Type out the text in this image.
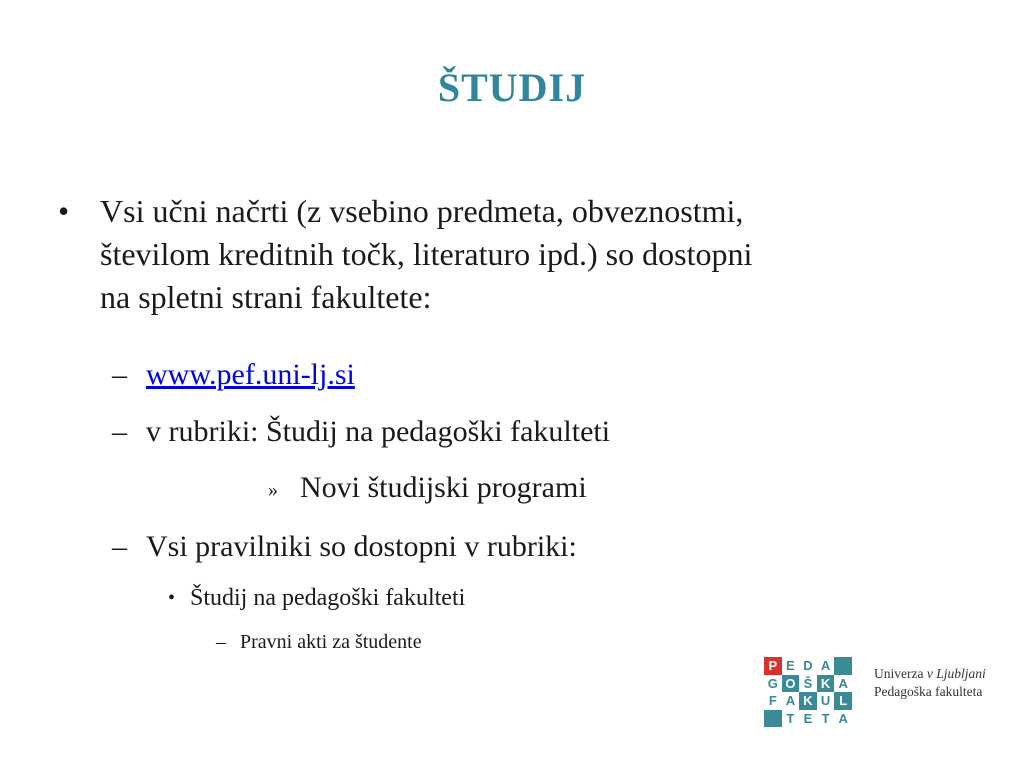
ŠTUDIJ
• Vsi učni načrti (z vsebino predmeta, obveznostmi,
številom kreditnih točk, literaturo ipd.) so dostopni
na spletni strani fakultete:
– www.pef.uni-lj.si
– v rubriki: Študij na pedagoški fakulteti
» Novi študijski programi
– Vsi pravilniki so dostopni v rubriki:
• Študij na pedagoški fakulteti
– Pravni akti za študente
P E D A
G O Š K A
F A K U L
T E T A
Univerza v Ljubljani
Pedagoška fakulteta
